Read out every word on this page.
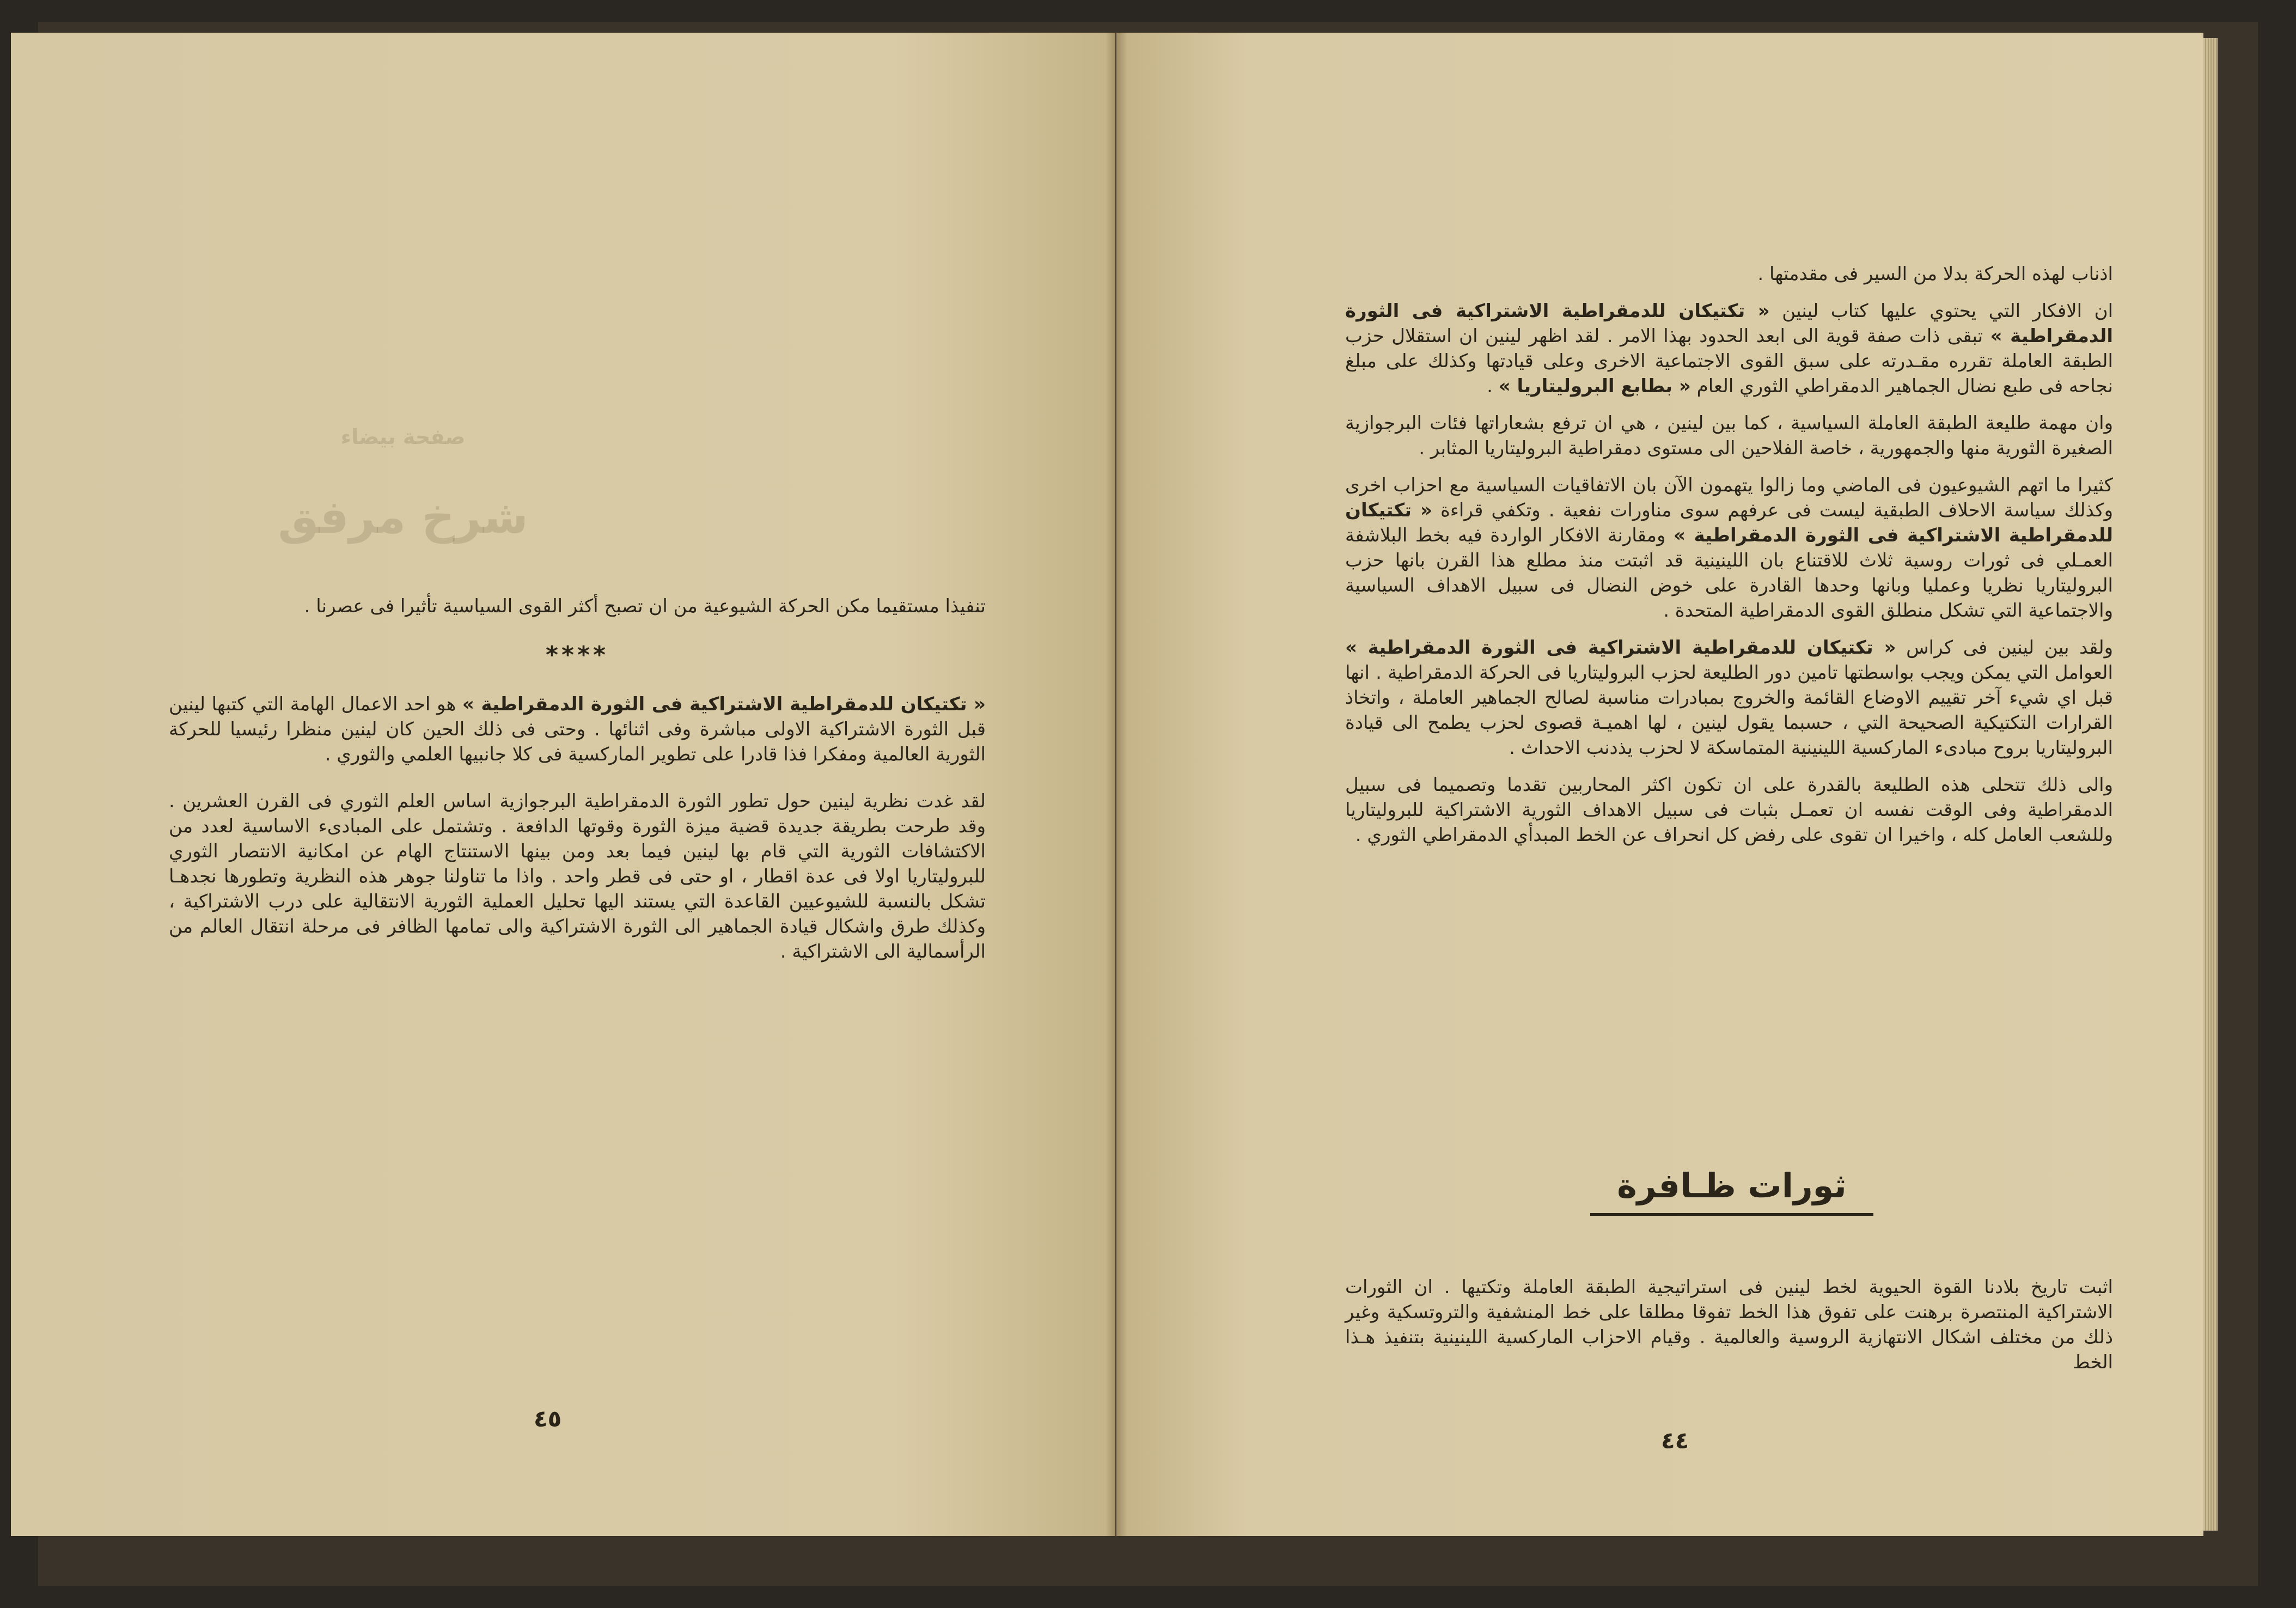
صفحة بيضاء
شرخ مرفق

تنفيذا مستقيما مكن الحركة الشيوعية من ان تصبح أكثر القوى السياسية تأثيرا فى عصرنا .

****

« تكتيكان للدمقراطية الاشتراكية فى الثورة الدمقراطية » هو احد الاعمال الهامة التي كتبها لينين قبل الثورة الاشتراكية الاولى مباشرة وفى اثنائها . وحتى فى ذلك الحين كان لينين منظرا رئيسيا للحركة الثورية العالمية ومفكرا فذا قادرا على تطوير الماركسية فى كلا جانبيها العلمي والثوري .

لقد غدت نظرية لينين حول تطور الثورة الدمقراطية البرجوازية اساس العلم الثوري فى القرن العشرين . وقد طرحت بطريقة جديدة قضية ميزة الثورة وقوتها الدافعة . وتشتمل على المبادىء الاساسية لعدد من الاكتشافات الثورية التي قام بها لينين فيما بعد ومن بينها الاستنتاج الهام عن امكانية الانتصار الثوري للبروليتاريا اولا فى عدة اقطار ، او حتى فى قطر واحد . واذا ما تناولنا جوهر هذه النظرية وتطورها نجدهـا تشكل بالنسبة للشيوعيين القاعدة التي يستند اليها تحليل العملية الثورية الانتقالية على درب الاشتراكية ، وكذلك طرق واشكال قيادة الجماهير الى الثورة الاشتراكية والى تمامها الظافر فى مرحلة انتقال العالم من الرأسمالية الى الاشتراكية .

٤٥

اذناب لهذه الحركة بدلا من السير فى مقدمتها .

ان الافكار التي يحتوي عليها كتاب لينين « تكتيكان للدمقراطية الاشتراكية فى الثورة الدمقراطية » تبقى ذات صفة قوية الى ابعد الحدود بهذا الامر . لقد اظهر لينين ان استقلال حزب الطبقة العاملة تقرره مقـدرته على سبق القوى الاجتماعية الاخرى وعلى قيادتها وكذلك على مبلغ نجاحه فى طبع نضال الجماهير الدمقراطي الثوري العام « بطابع البروليتاريا » .

وان مهمة طليعة الطبقة العاملة السياسية ، كما بين لينين ، هي ان ترفع بشعاراتها فئات البرجوازية الصغيرة الثورية منها والجمهورية ، خاصة الفلاحين الى مستوى دمقراطية البروليتاريا المثابر .

كثيرا ما اتهم الشيوعيون فى الماضي وما زالوا يتهمون الآن بان الاتفاقيات السياسية مع احزاب اخرى وكذلك سياسة الاحلاف الطبقية ليست فى عرفهم سوى مناورات نفعية . وتكفي قراءة « تكتيكان للدمقراطية الاشتراكية فى الثورة الدمقراطية » ومقارنة الافكار الواردة فيه بخط البلاشفة العمـلي فى ثورات روسية ثلاث للاقتناع بان اللينينية قد اثبتت منذ مطلع هذا القرن بانها حزب البروليتاريا نظريا وعمليا وبانها وحدها القادرة على خوض النضال فى سبيل الاهداف السياسية والاجتماعية التي تشكل منطلق القوى الدمقراطية المتحدة .

ولقد بين لينين فى كراس « تكتيكان للدمقراطية الاشتراكية فى الثورة الدمقراطية » العوامل التي يمكن ويجب بواسطتها تامين دور الطليعة لحزب البروليتاريا فى الحركة الدمقراطية . انها قبل اي شيء آخر تقييم الاوضاع القائمة والخروج بمبادرات مناسبة لصالح الجماهير العاملة ، واتخاذ القرارات التكتيكية الصحيحة التي ، حسبما يقول لينين ، لها اهميـة قصوى لحزب يطمح الى قيادة البروليتاريا بروح مبادىء الماركسية اللينينية المتماسكة لا لحزب يذدنب الاحداث .

والى ذلك تتحلى هذه الطليعة بالقدرة على ان تكون اكثر المحاربين تقدما وتصميما فى سبيل الدمقراطية وفى الوقت نفسه ان تعمـل بثبات فى سبيل الاهداف الثورية الاشتراكية للبروليتاريا وللشعب العامل كله ، واخيرا ان تقوى على رفض كل انحراف عن الخط المبدأي الدمقراطي الثوري .

ثورات ظـافرة

اثبت تاريخ بلادنا القوة الحيوية لخط لينين فى استراتيجية الطبقة العاملة وتكتيها . ان الثورات الاشتراكية المنتصرة برهنت على تفوق هذا الخط تفوقا مطلقا على خط المنشفية والتروتسكية وغير ذلك من مختلف اشكال الانتهازية الروسية والعالمية . وقيام الاحزاب الماركسية اللينينية بتنفيذ هـذا الخط

٤٤
